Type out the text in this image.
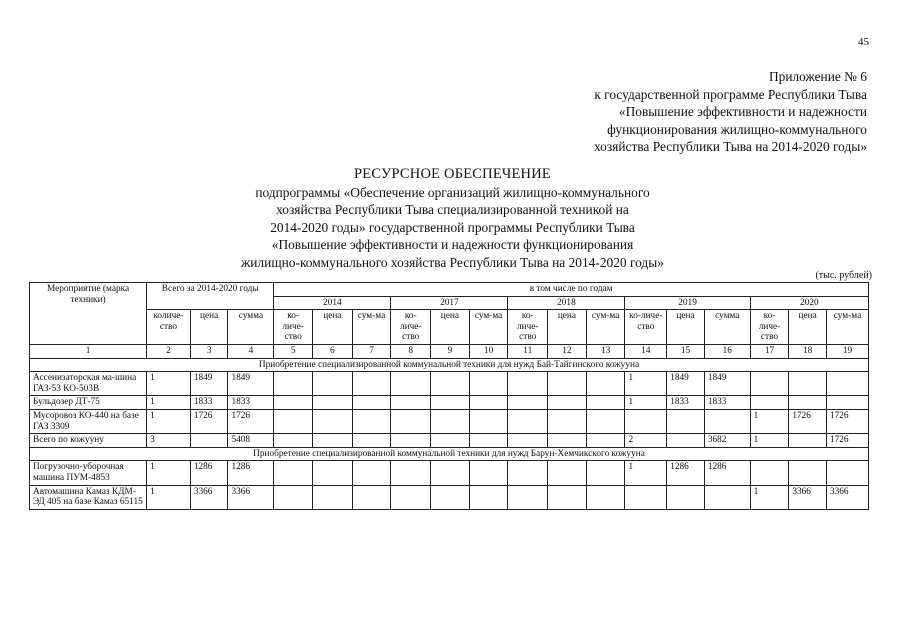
45
Приложение № 6
к государственной программе Республики Тыва
«Повышение эффективности и надежности
функционирования жилищно-коммунального
хозяйства Республики Тыва на 2014-2020 годы»
РЕСУРСНОЕ ОБЕСПЕЧЕНИЕ
подпрограммы «Обеспечение организаций жилищно-коммунального
хозяйства Республики Тыва специализированной техникой на
2014-2020 годы» государственной программы Республики Тыва
«Повышение эффективности и надежности функционирования
жилищно-коммунального хозяйства Республики Тыва на 2014-2020 годы»
(тыс. рублей)
Мероприятие (марка техники)	Всего за 2014-2020 годы			в том числе по годам														
				2014			2017			2018			2019			2020		
	количе-ство	цена	сумма	ко-личе-ство	цена	сум-ма	ко-личе-ство	цена	сум-ма	ко-личе-ство	цена	сум-ма	ко-личе-ство	цена	сумма	ко-личе-ство	цена	сум-ма
1	2	3	4	5	6	7	8	9	10	11	12	13	14	15	16	17	18	19
Приобретение специализированной коммунальной техники для нужд Бай-Тайгинского кожууна																		
Ассенизаторская ма-шина ГАЗ-53 КО-503В	1	1849	1849										1	1849	1849			
Бульдозер ДТ-75	1	1833	1833										1	1833	1833			
Мусоровоз КО-440 на базе ГАЗ 3309	1	1726	1726													1	1726	1726
Всего по кожууну	3		5408										2		3682	1		1726
Приобретение специализированной коммунальной техники для нужд Барун-Хемчикского кожууна																		
Погрузочно-уборочная машина ПУМ-4853	1	1286	1286										1	1286	1286			
Автомашина Камаз КДМ-ЭД 405 на базе Камаз 65115	1	3366	3366													1	3366	3366
